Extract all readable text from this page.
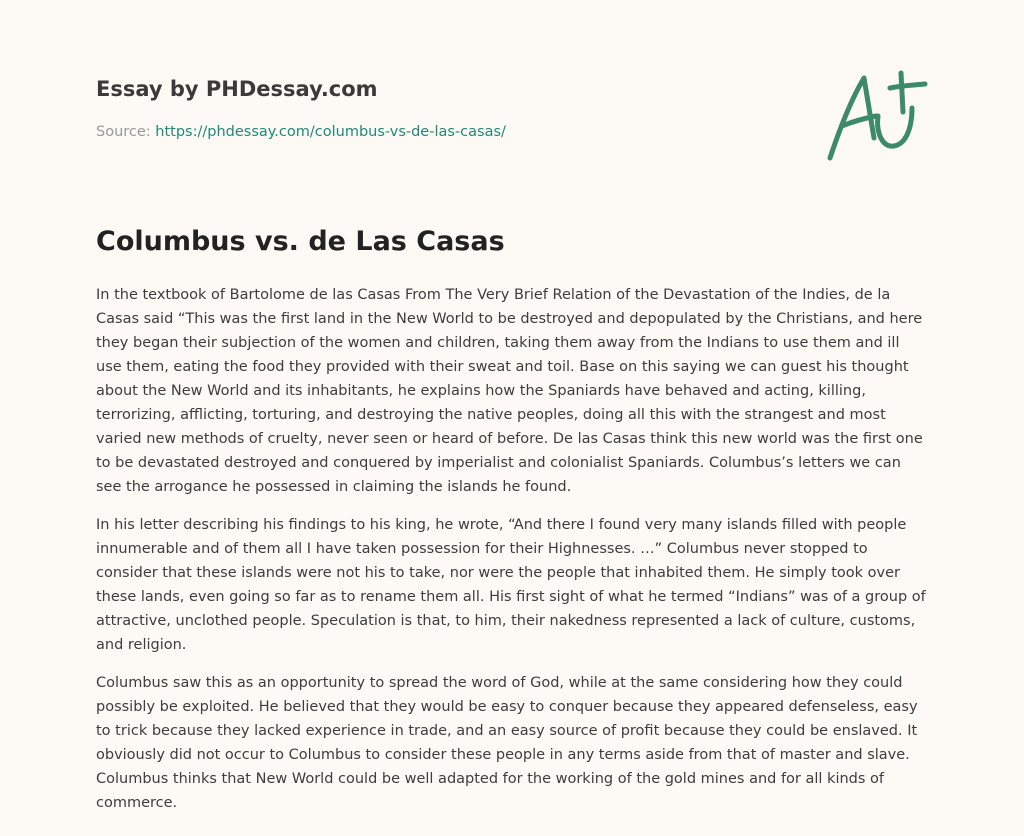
Essay by PHDessay.com

Source: https://phdessay.com/columbus-vs-de-las-casas/

Columbus vs. de Las Casas

In the textbook of Bartolome de las Casas From The Very Brief Relation of the Devastation of the Indies, de la Casas said “This was the first land in the New World to be destroyed and depopulated by the Christians, and here they began their subjection of the women and children, taking them away from the Indians to use them and ill use them, eating the food they provided with their sweat and toil. Base on this saying we can guest his thought about the New World and its inhabitants, he explains how the Spaniards have behaved and acting, killing, terrorizing, afflicting, torturing, and destroying the native peoples, doing all this with the strangest and most varied new methods of cruelty, never seen or heard of before. De las Casas think this new world was the first one to be devastated destroyed and conquered by imperialist and colonialist Spaniards. Columbus’s letters we can see the arrogance he possessed in claiming the islands he found.

In his letter describing his findings to his king, he wrote, “And there I found very many islands filled with people innumerable and of them all I have taken possession for their Highnesses. …” Columbus never stopped to consider that these islands were not his to take, nor were the people that inhabited them. He simply took over these lands, even going so far as to rename them all. His first sight of what he termed “Indians” was of a group of attractive, unclothed people. Speculation is that, to him, their nakedness represented a lack of culture, customs, and religion.

Columbus saw this as an opportunity to spread the word of God, while at the same considering how they could possibly be exploited. He believed that they would be easy to conquer because they appeared defenseless, easy to trick because they lacked experience in trade, and an easy source of profit because they could be enslaved. It obviously did not occur to Columbus to consider these people in any terms aside from that of master and slave. Columbus thinks that New World could be well adapted for the working of the gold mines and for all kinds of commerce.
